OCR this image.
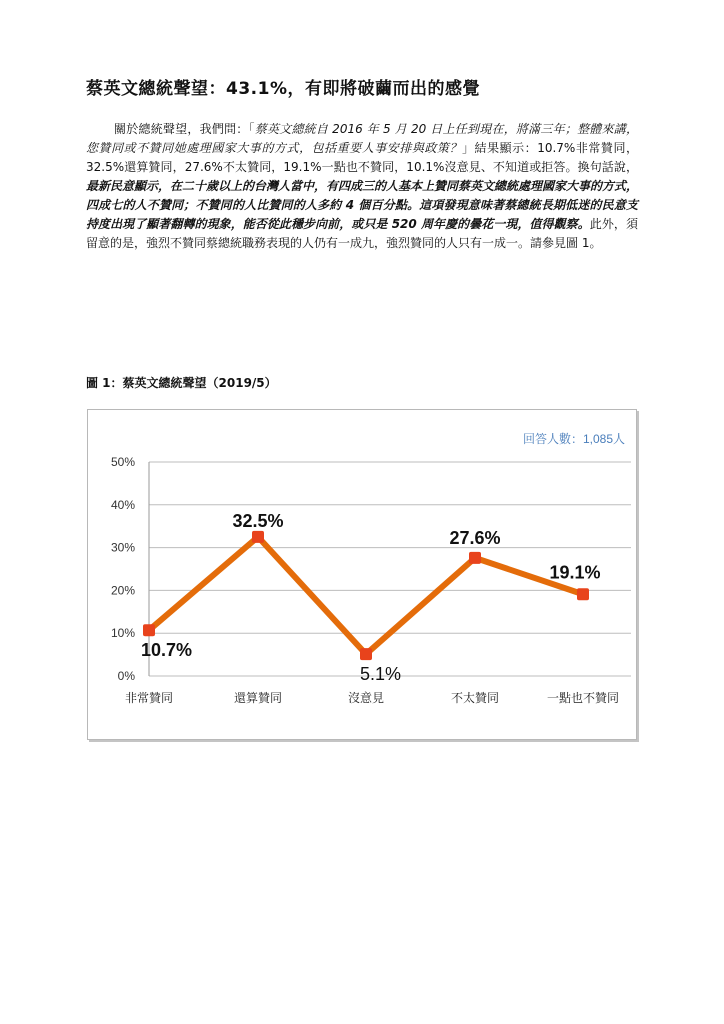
蔡英文總統聲望：43.1%，有即將破繭而出的感覺
關於總統聲望，我們問：「蔡英文總統自 2016 年 5 月 20 日上任到現在，將滿三年；整體來講，您贊同或不贊同她處理國家大事的方式，包括重要人事安排與政策？」結果顯示：10.7%非常贊同，32.5%還算贊同，27.6%不太贊同，19.1%一點也不贊同，10.1%沒意見、不知道或拒答。換句話說，最新民意顯示，在二十歲以上的台灣人當中，有四成三的人基本上贊同蔡英文總統處理國家大事的方式，四成七的人不贊同；不贊同的人比贊同的人多約 4 個百分點。這項發現意味著蔡總統長期低迷的民意支持度出現了顯著翻轉的現象，能否從此穩步向前，或只是 520 周年慶的曇花一現，值得觀察。此外，須留意的是，強烈不贊同蔡總統職務表現的人仍有一成九，強烈贊同的人只有一成一。請參見圖 1。
圖 1：蔡英文總統聲望（2019/5）
0%
10%
20%
30%
40%
50%
非常贊同	還算贊同	沒意見	不太贊同	一點也不贊同
10.7%
32.5%
5.1%
27.6%
19.1%
回答人數：1,085人
